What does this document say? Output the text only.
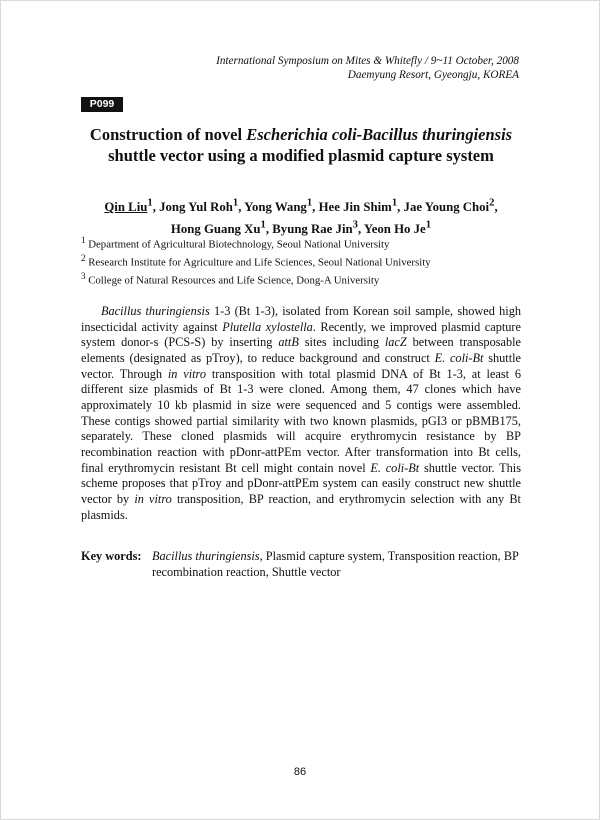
International Symposium on Mites & Whitefly / 9~11 October, 2008
Daemyung Resort, Gyeongju, KOREA
P099
Construction of novel Escherichia coli-Bacillus thuringiensis
shuttle vector using a modified plasmid capture system
Qin Liu$^1$, Jong Yul Roh$^1$, Yong Wang$^1$, Hee Jin Shim$^1$, Jae Young Choi$^2$,
Hong Guang Xu$^1$, Byung Rae Jin$^3$, Yeon Ho Je$^1$
$^1$ Department of Agricultural Biotechnology, Seoul National University
$^2$ Research Institute for Agriculture and Life Sciences, Seoul National University
$^3$ College of Natural Resources and Life Science, Dong-A University

Bacillus thuringiensis 1-3 (Bt 1-3), isolated from Korean soil sample, showed high insecticidal activity against Plutella xylostella. Recently, we improved plasmid capture system donor-s (PCS-S) by inserting attB sites including lacZ between transposable elements (designated as pTroy), to reduce background and construct E. coli-Bt shuttle vector. Through in vitro transposition with total plasmid DNA of Bt 1-3, at least 6 different size plasmids of Bt 1-3 were cloned. Among them, 47 clones which have approximately 10 kb plasmid in size were sequenced and 5 contigs were assembled. These contigs showed partial similarity with two known plasmids, pGI3 or pBMB175, separately. These cloned plasmids will acquire erythromycin resistance by BP recombination reaction with pDonr-attPEm vector. After transformation into Bt cells, final erythromycin resistant Bt cell might contain novel E. coli-Bt shuttle vector. This scheme proposes that pTroy and pDonr-attPEm system can easily construct new shuttle vector by in vitro transposition, BP reaction, and erythromycin selection with any Bt plasmids.

Key words: Bacillus thuringiensis, Plasmid capture system, Transposition reaction, BP recombination reaction, Shuttle vector
86
